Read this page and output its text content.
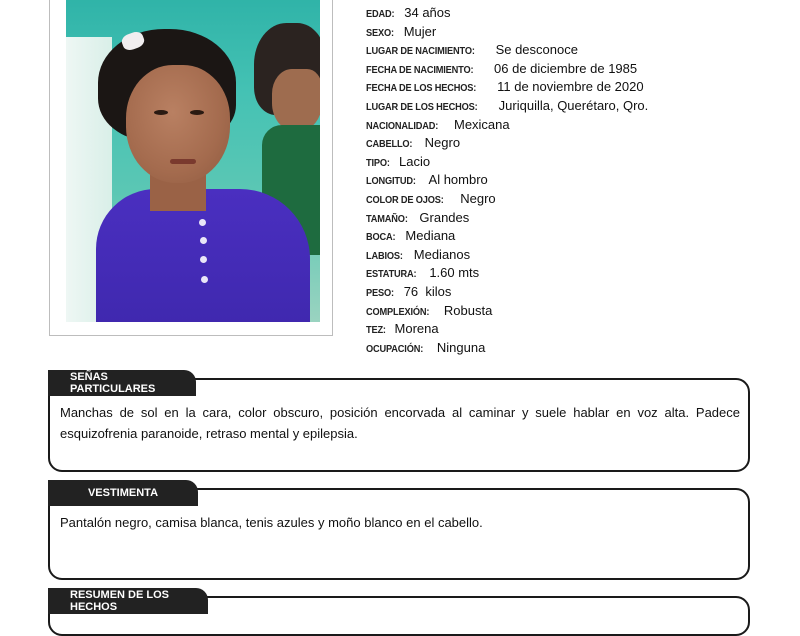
EDAD : 34 años
SEXO : Mujer
LUGAR DE NACIMIENTO : Se desconoce
FECHA DE NACIMIENTO : 06 de diciembre de 1985
FECHA DE LOS HECHOS : 11 de noviembre de 2020
LUGAR DE LOS HECHOS : Juriquilla, Querétaro, Qro.
NACIONALIDAD : Mexicana
CABELLO : Negro
TIPO : Lacio
LONGITUD : Al hombro
COLOR DE OJOS : Negro
TAMAÑO : Grandes
BOCA : Mediana
LABIOS : Medianos
ESTATURA : 1.60 mts
PESO : 76  kilos
COMPLEXIÓN : Robusta
TEZ : Morena
OCUPACIÓN : Ninguna
SEÑAS PARTICULARES
Manchas de sol en la cara, color obscuro, posición encorvada al caminar y suele hablar en voz alta. Padece esquizofrenia paranoide, retraso mental y epilepsia.
VESTIMENTA
Pantalón negro, camisa blanca, tenis azules y moño blanco en el cabello.
RESUMEN DE LOS HECHOS
